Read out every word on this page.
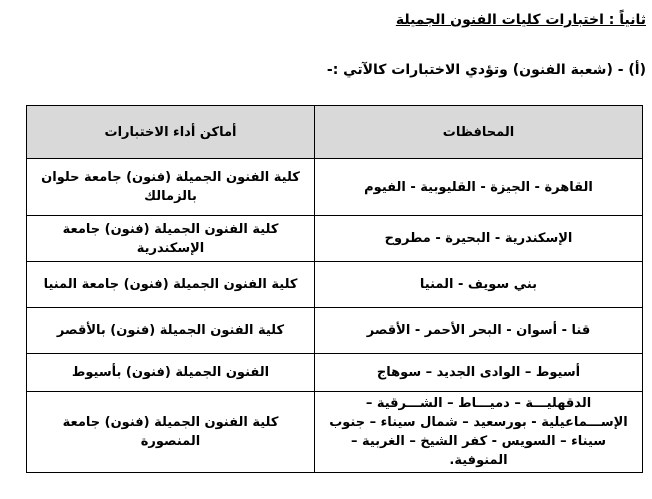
ثانياً : اختبارات كليات الفنون الجميلة
(أ) - (شعبة الفنون) وتؤدي الاختبارات كالآتي :-
المحافظات	أماكن أداء الاختبارات
القاهرة - الجيزة - القليوبية - الفيوم	كلية الفنون الجميلة (فنون) جامعة حلوان بالزمالك
الإسكندرية - البحيرة - مطروح	كلية الفنون الجميلة (فنون) جامعة الإسكندرية
بني سويف - المنيا	كلية الفنون الجميلة (فنون) جامعة المنيا
قنا - أسوان - البحر الأحمر - الأقصر	كلية الفنون الجميلة (فنون) بالأقصر
أسيوط – الوادى الجديد – سوهاج	الفنون الجميلة (فنون) بأسيوط
الدقهليـــة – دميـــاط – الشـــرقية – الإســـماعيلية - بورسعيد – شمال سيناء – جنوب سيناء – السويس - كفر الشيخ – الغربية – المنوفية.	كلية الفنون الجميلة (فنون) جامعة المنصورة
